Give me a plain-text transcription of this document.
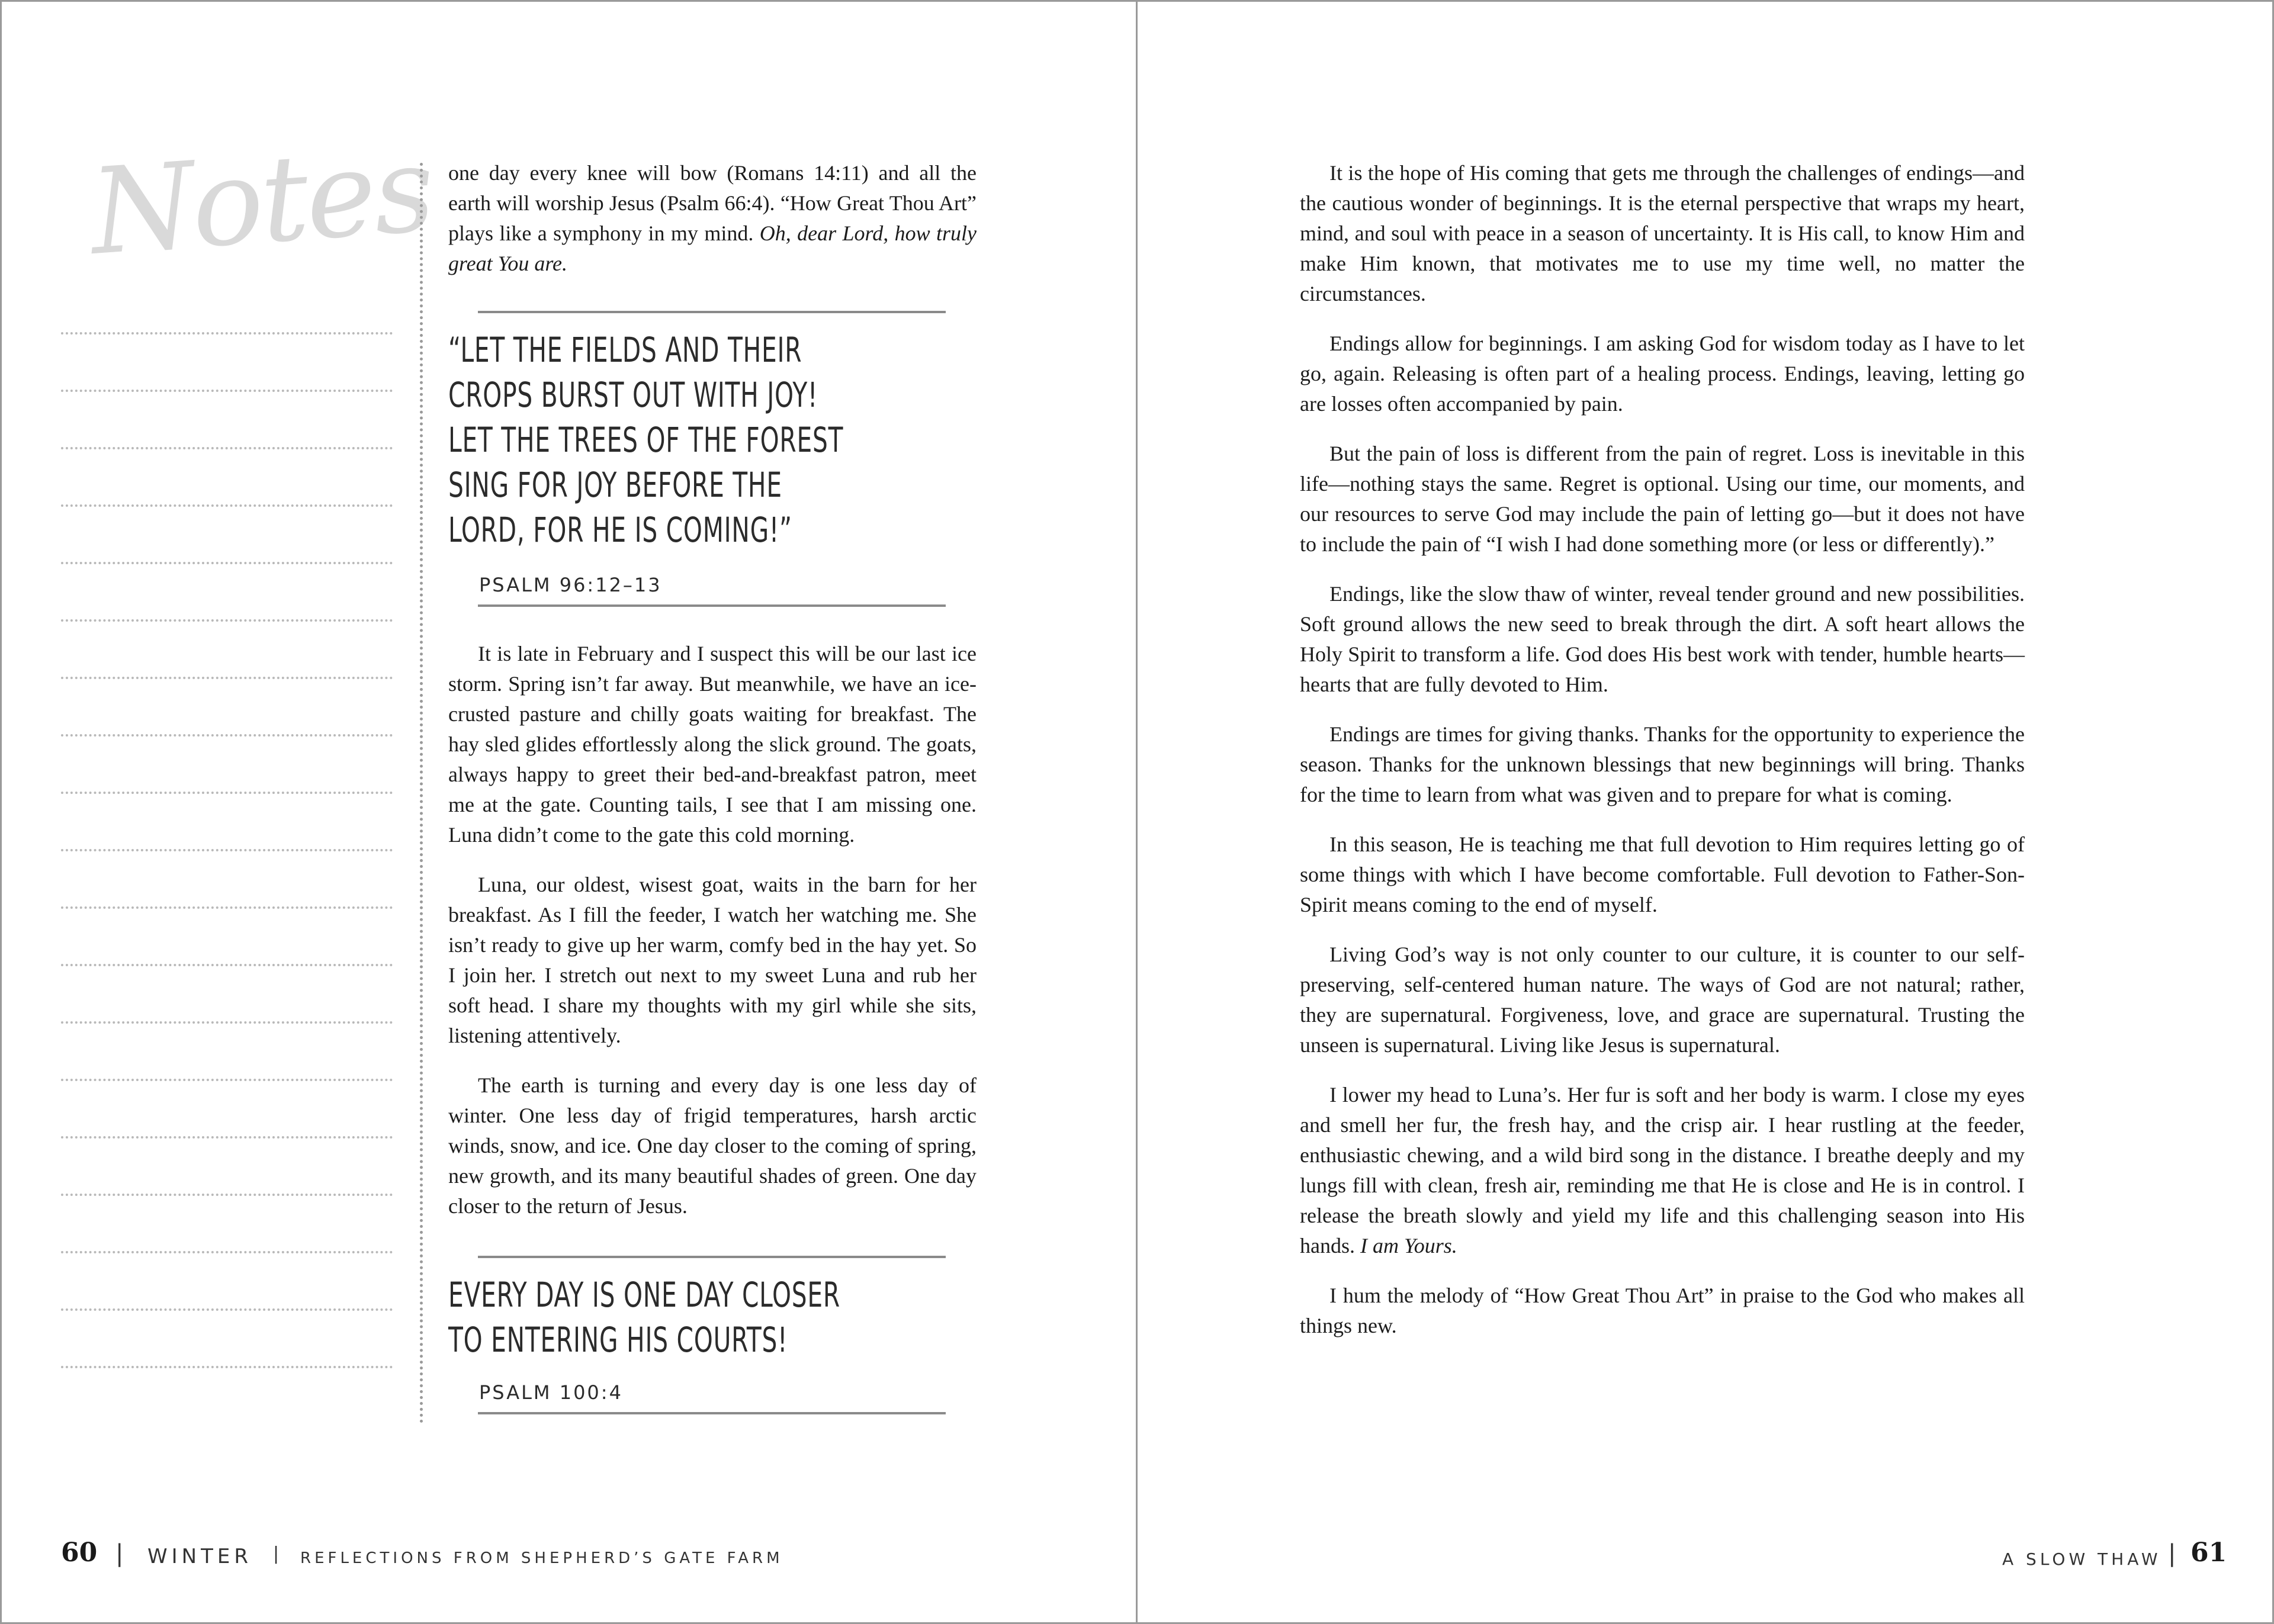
Notes one day every knee will bow (Romans 14:11) and all the earth will worship Jesus (Psalm 66:4). “How Great Thou Art” plays like a symphony in my mind. Oh, dear Lord, how truly great You are.

“LET THE FIELDS AND THEIR
CROPS BURST OUT WITH JOY!
LET THE TREES OF THE FOREST
SING FOR JOY BEFORE THE
LORD, FOR HE IS COMING!”
PSALM 96:12–13

It is late in February and I suspect this will be our last ice storm. Spring isn’t far away. But meanwhile, we have an ice-crusted pasture and chilly goats waiting for breakfast. The hay sled glides effortlessly along the slick ground. The goats, always happy to greet their bed-and-breakfast patron, meet me at the gate. Counting tails, I see that I am missing one. Luna didn’t come to the gate this cold morning.

Luna, our oldest, wisest goat, waits in the barn for her breakfast. As I fill the feeder, I watch her watching me. She isn’t ready to give up her warm, comfy bed in the hay yet. So I join her. I stretch out next to my sweet Luna and rub her soft head. I share my thoughts with my girl while she sits, listening attentively.

The earth is turning and every day is one less day of winter. One less day of frigid temperatures, harsh arctic winds, snow, and ice. One day closer to the coming of spring, new growth, and its many beautiful shades of green. One day closer to the return of Jesus.

EVERY DAY IS ONE DAY CLOSER
TO ENTERING HIS COURTS!
PSALM 100:4
60 | WINTER | REFLECTIONS FROM SHEPHERD’S GATE FARM

It is the hope of His coming that gets me through the challenges of endings—and the cautious wonder of beginnings. It is the eternal perspective that wraps my heart, mind, and soul with peace in a season of uncertainty. It is His call, to know Him and make Him known, that motivates me to use my time well, no matter the circumstances.

Endings allow for beginnings. I am asking God for wisdom today as I have to let go, again. Releasing is often part of a healing process. Endings, leaving, letting go are losses often accompanied by pain.

But the pain of loss is different from the pain of regret. Loss is inevitable in this life—nothing stays the same. Regret is optional. Using our time, our moments, and our resources to serve God may include the pain of letting go—but it does not have to include the pain of “I wish I had done something more (or less or differently).”

Endings, like the slow thaw of winter, reveal tender ground and new possibilities. Soft ground allows the new seed to break through the dirt. A soft heart allows the Holy Spirit to transform a life. God does His best work with tender, humble hearts—hearts that are fully devoted to Him.

Endings are times for giving thanks. Thanks for the opportunity to experience the season. Thanks for the unknown blessings that new beginnings will bring. Thanks for the time to learn from what was given and to prepare for what is coming.

In this season, He is teaching me that full devotion to Him requires letting go of some things with which I have become comfortable. Full devotion to Father-Son-Spirit means coming to the end of myself.

Living God’s way is not only counter to our culture, it is counter to our self-preserving, self-centered human nature. The ways of God are not natural; rather, they are supernatural. Forgiveness, love, and grace are supernatural. Trusting the unseen is supernatural. Living like Jesus is supernatural.

I lower my head to Luna’s. Her fur is soft and her body is warm. I close my eyes and smell her fur, the fresh hay, and the crisp air. I hear rustling at the feeder, enthusiastic chewing, and a wild bird song in the distance. I breathe deeply and my lungs fill with clean, fresh air, reminding me that He is close and He is in control. I release the breath slowly and yield my life and this challenging season into His hands. I am Yours.

I hum the melody of “How Great Thou Art” in praise to the God who makes all things new.

A SLOW THAW | 61
